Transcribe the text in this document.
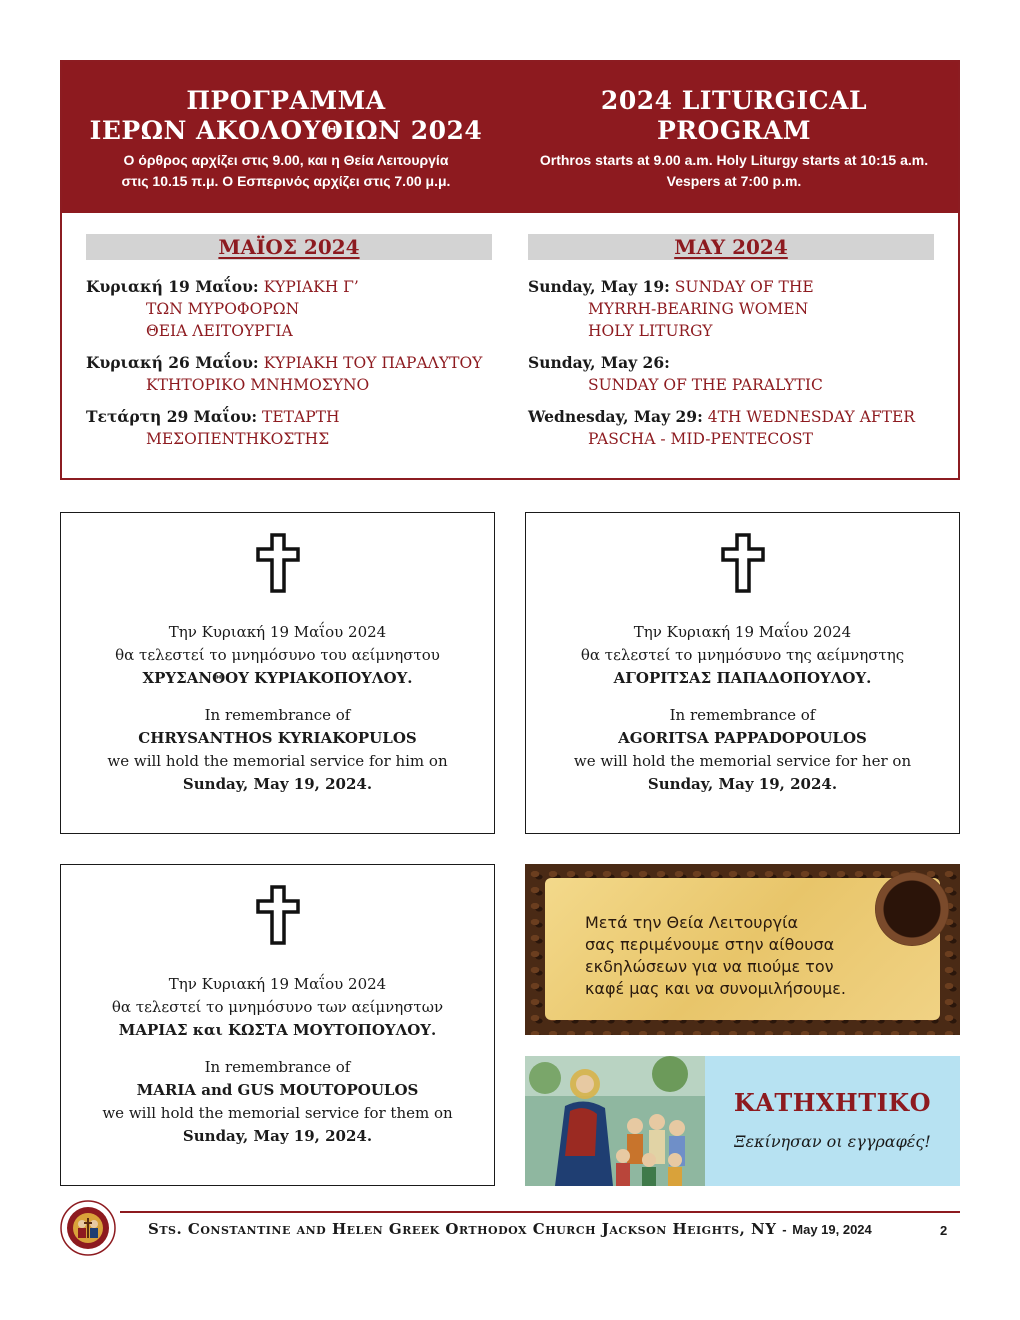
ΠΡΟΓΡΑΜΜΑ
ΙΕΡΩΝ ΑΚΟΛΟΥΘΙΩΝ 2024
Ο όρθρος αρχίζει στις 9.00, και η Θεία Λειτουργία
στις 10.15 π.μ. Ο Εσπερινός αρχίζει στις 7.00 μ.μ.
2024 LITURGICAL
PROGRAM
Orthros starts at 9.00 a.m. Holy Liturgy starts at 10:15 a.m.
Vespers at 7:00 p.m.
ΜΑΪΟΣ 2024	MAY 2024
Κυριακή 19 Μαΐου: ΚΥΡΙΑΚΗ Γ’
ΤΩΝ ΜΥΡΟΦΟΡΩΝ
ΘΕΙΑ ΛΕΙΤΟΥΡΓΙΑ
Κυριακή 26 Μαΐου: ΚΥΡΙΑΚΗ ΤΟΥ ΠΑΡΑΛΥΤΟΥ
ΚΤΗΤΟΡΙΚΟ ΜΝΗΜΟΣΥΝΟ
Τετάρτη 29 Μαΐου: ΤΕΤΑΡΤΗ
ΜΕΣΟΠΕΝΤΗΚΟΣΤΗΣ
Sunday, May 19: SUNDAY OF THE
MYRRH-BEARING WOMEN
HOLY LITURGY
Sunday, May 26:
SUNDAY OF THE PARALYTIC
Wednesday, May 29: 4TH WEDNESDAY AFTER
PASCHA - MID-PENTECOST

Την Κυριακή 19 Μαΐου 2024

θα τελεστεί το μνημόσυνο του αείμνηστου

ΧΡΥΣΑΝΘΟΥ ΚΥΡΙΑΚΟΠΟΥΛΟΥ.

In remembrance of

CHRYSANTHOS KYRIAKOPULOS

we will hold the memorial service for him on

Sunday, May 19, 2024.

Την Κυριακή 19 Μαΐου 2024

θα τελεστεί το μνημόσυνο της αείμνηστης

ΑΓΟΡΙΤΣΑΣ ΠΑΠΑΔΟΠΟΥΛΟΥ.

In remembrance of

AGORITSA PAPPADOPOULOS

we will hold the memorial service for her on

Sunday, May 19, 2024.

Την Κυριακή 19 Μαΐου 2024

θα τελεστεί το μνημόσυνο των αείμνηστων

ΜΑΡΙΑΣ και ΚΩΣΤΑ ΜΟΥΤΟΠΟΥΛΟΥ.

In remembrance of

MARIA and GUS MOUTOPOULOS

we will hold the memorial service for them on

Sunday, May 19, 2024.

Μετά την Θεία Λειτουργία
σας περιμένουμε στην αίθουσα
εκδηλώσεων για να πιούμε τον
καφέ μας και να συνομιλήσουμε.
ΚΑΤΗΧΗΤΙΚΟ
Ξεκίνησαν οι εγγραφές!
Sts. Constantine and Helen Greek Orthodox Church Jackson Heights, NY - May 19, 2024	2
